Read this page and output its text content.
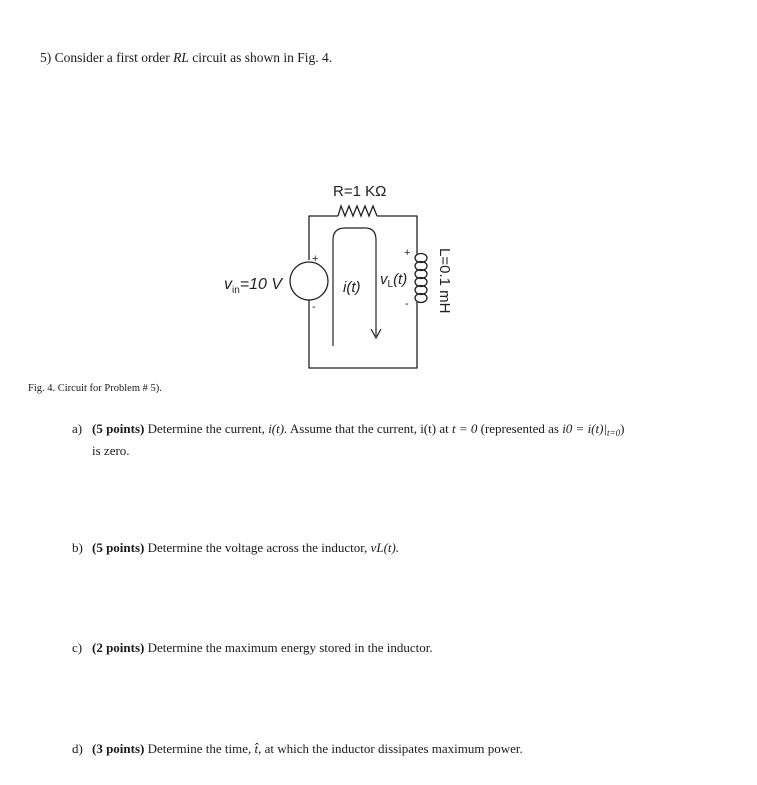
5) Consider a first order RL circuit as shown in Fig. 4.
R=1 KΩ
+
-
$v_{in}=10$ V
+
- L=0.1 mH
i(t) $v_L(t)$
Fig. 4. Circuit for Problem # 5).
a) (5 points) Determine the current, i(t). Assume that the current, i(t) at t = 0 (represented as $i0 = i(t)|_{t=0}$)
is zero.
b) (5 points) Determine the voltage across the inductor, vL(t).
c) (2 points) Determine the maximum energy stored in the inductor.
d) (3 points) Determine the time, t̂, at which the inductor dissipates maximum power.
